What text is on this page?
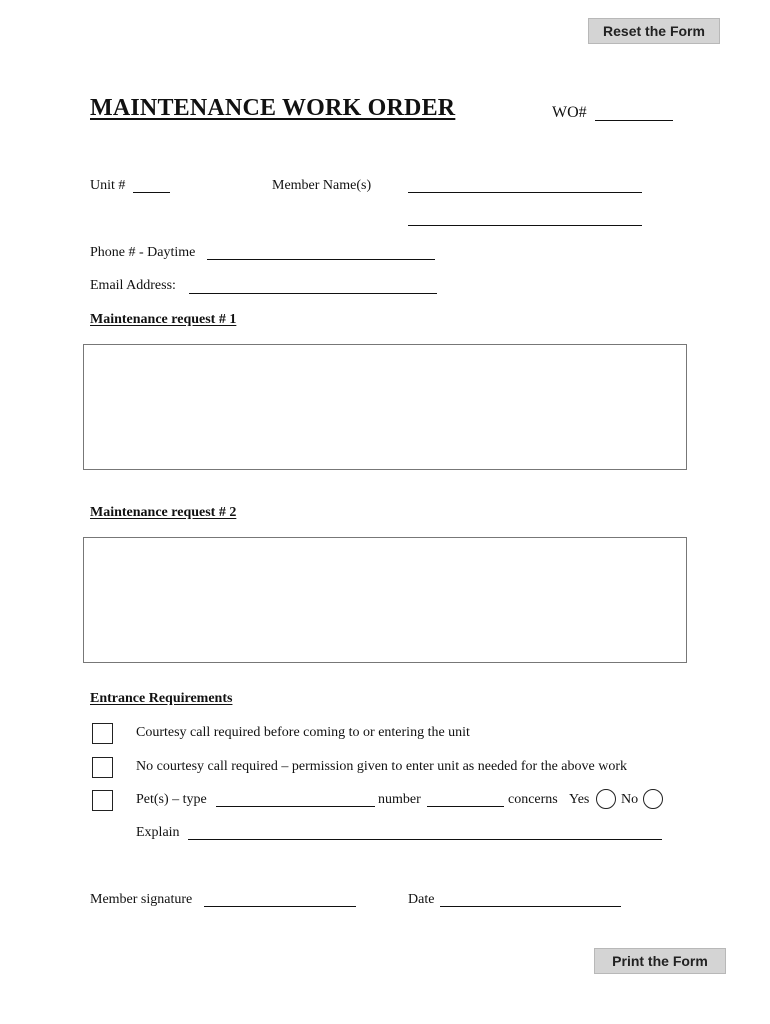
Reset the Form
MAINTENANCE WORK ORDER	WO#
Unit #	Member Name(s)
Phone # - Daytime
Email Address:
Maintenance request # 1
Maintenance request # 2
Entrance Requirements
Courtesy call required before coming to or entering the unit
No courtesy call required – permission given to enter unit as needed for the above work
Pet(s) – type	number	concerns Yes No
Explain
Member signature	Date
Print the Form
